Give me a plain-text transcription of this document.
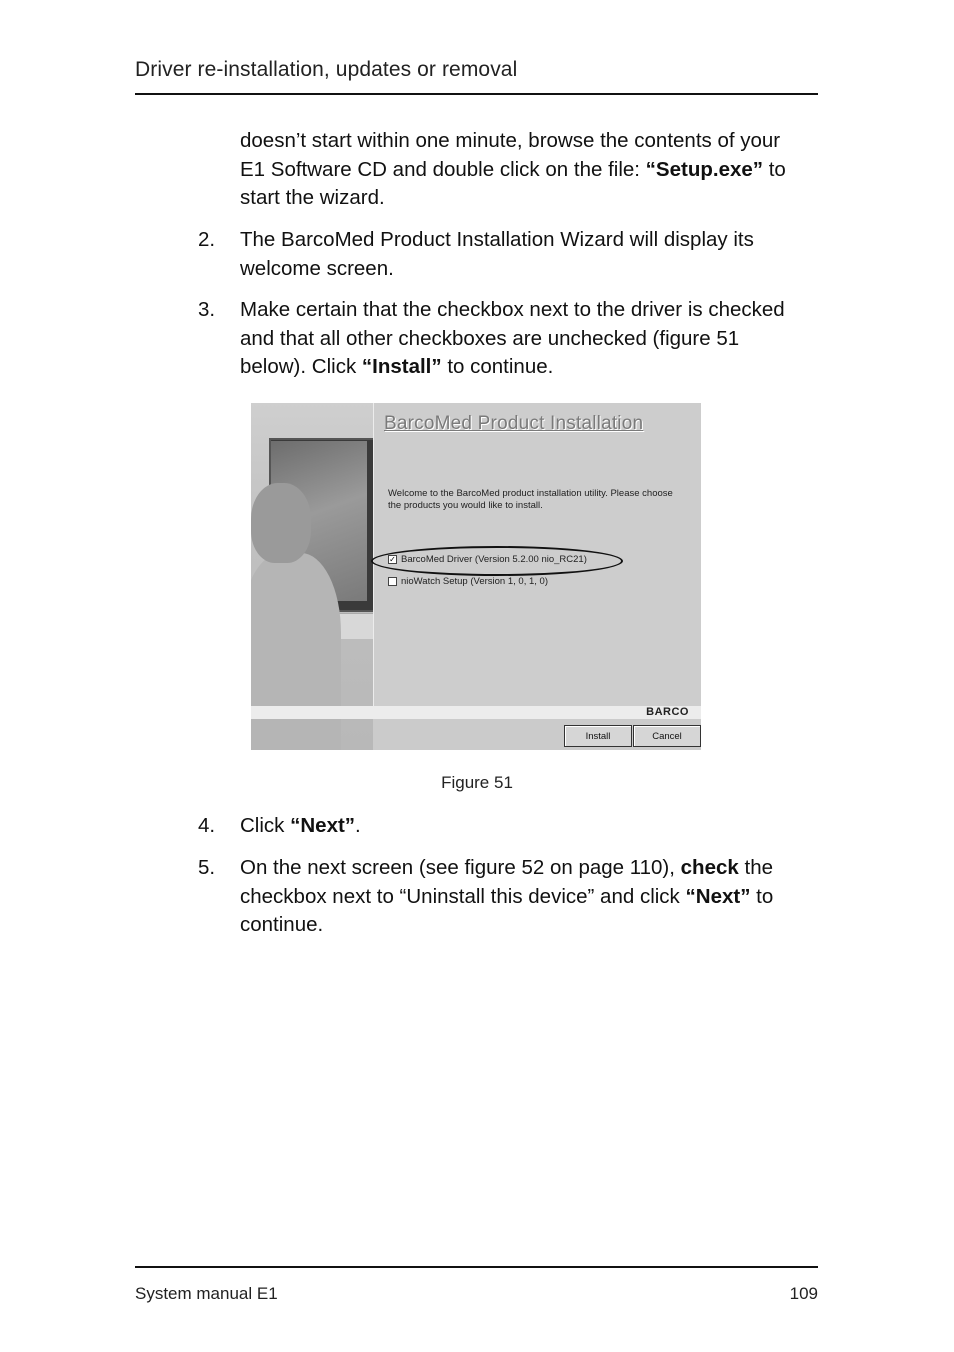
Driver re-installation, updates or removal
doesn’t start within one minute, browse the contents of your
E1 Software CD and double click on the file: “Setup.exe” to
start the wizard.
2. The BarcoMed Product Installation Wizard will display its
welcome screen.
3. Make certain that the checkbox next to the driver is checked
and that all other checkboxes are unchecked (figure 51
below). Click “Install” to continue.
BarcoMed Product Installation
Welcome to the BarcoMed product installation utility. Please choose the products you would like to install.
✓ BarcoMed Driver (Version 5.2.00 nio_RC21)
nioWatch Setup (Version 1, 0, 1, 0)
BARCO
Install	Cancel
Figure 51
4. Click “Next”.
5. On the next screen (see figure 52 on page 110), check the
checkbox next to “Uninstall this device” and click “Next” to
continue.
System manual E1	109
